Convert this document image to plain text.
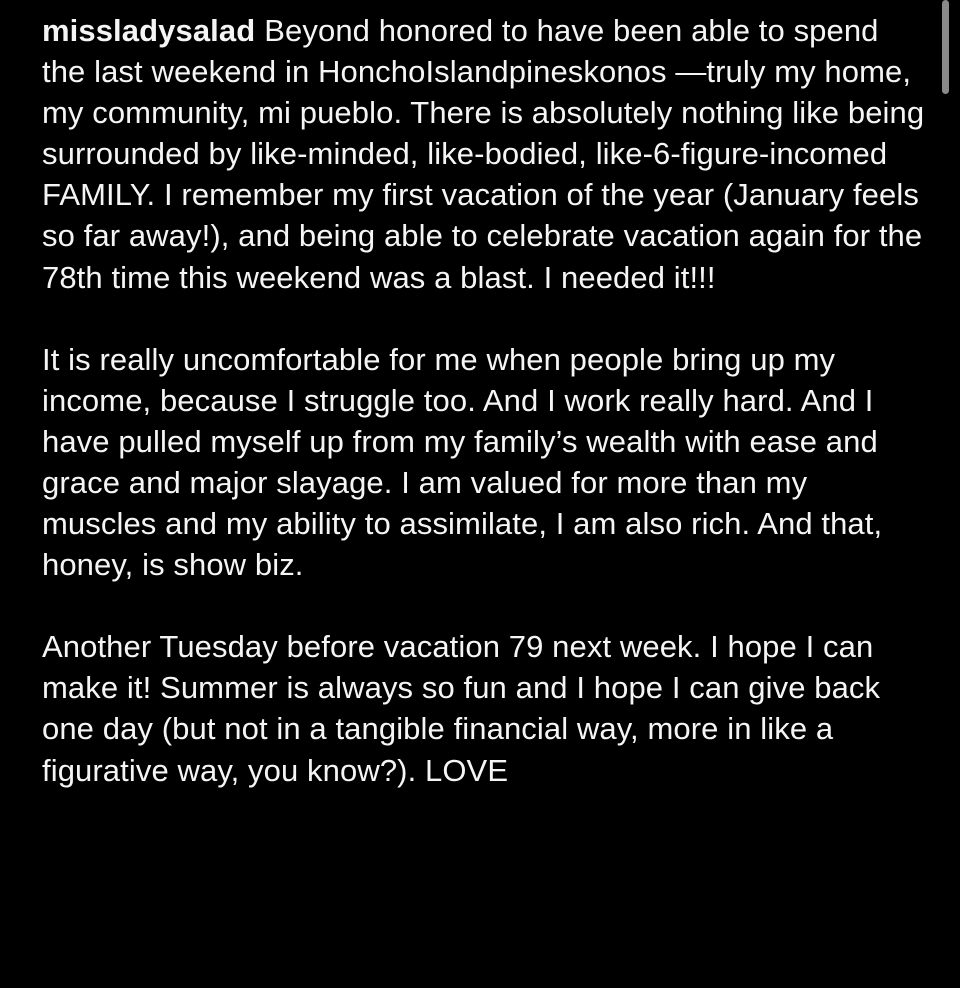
missladysalad Beyond honored to have been able to spend the last weekend in HonchoIslandpineskonos —truly my home, my community, mi pueblo. There is absolutely nothing like being surrounded by like-minded, like-bodied, like-6-figure-incomed FAMILY. I remember my first vacation of the year (January feels so far away!), and being able to celebrate vacation again for the 78th time this weekend was a blast. I needed it!!!

It is really uncomfortable for me when people bring up my income, because I struggle too. And I work really hard. And I have pulled myself up from my family’s wealth with ease and grace and major slayage. I am valued for more than my muscles and my ability to assimilate, I am also rich. And that, honey, is show biz.

Another Tuesday before vacation 79 next week. I hope I can make it! Summer is always so fun and I hope I can give back one day (but not in a tangible financial way, more in like a figurative way, you know?). LOVE
